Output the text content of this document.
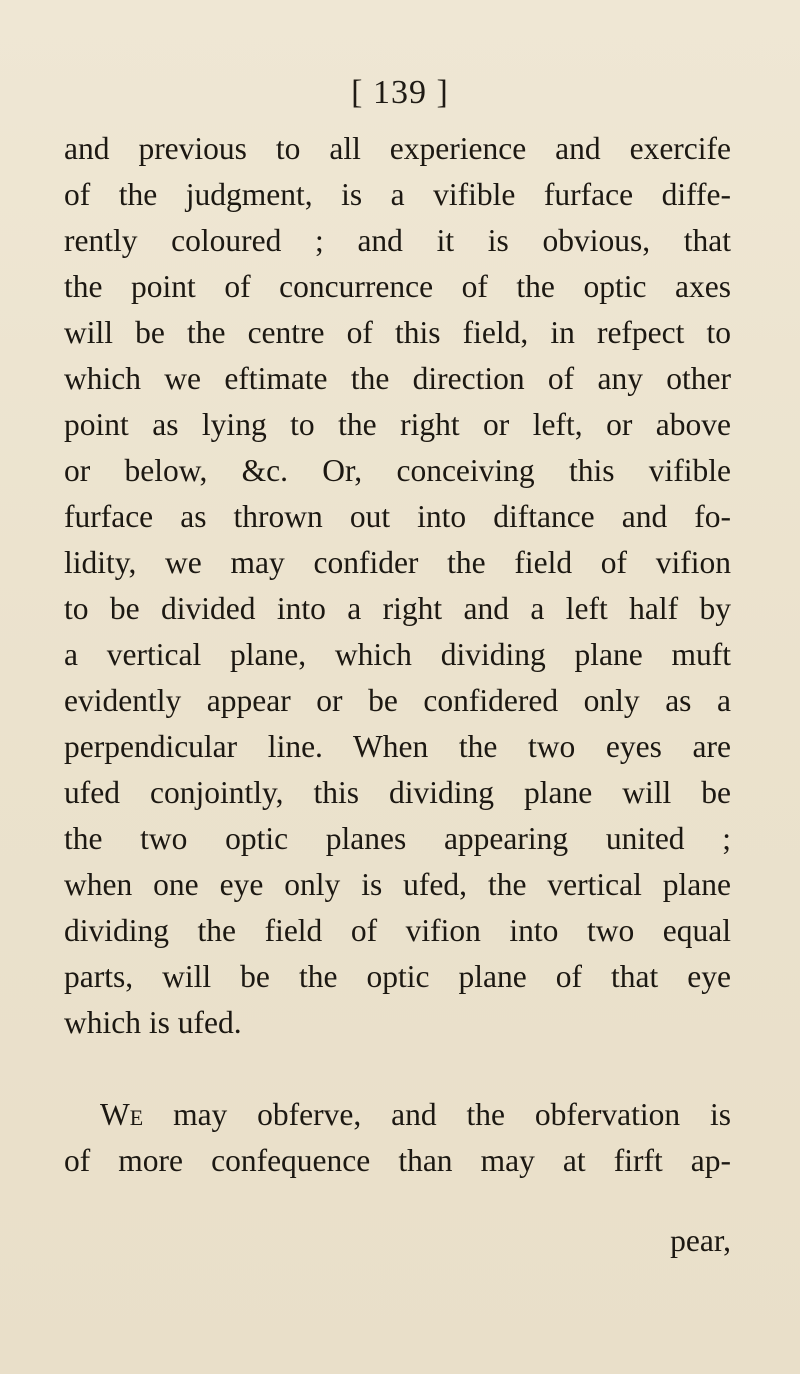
[ 139 ]
and previous to all experience and exercife
of the judgment, is a vifible furface diffe-
rently coloured ; and it is obvious, that
the point of concurrence of the optic axes
will be the centre of this field, in refpect to
which we eftimate the direction of any other
point as lying to the right or left, or above
or below, &c. Or, conceiving this vifible
furface as thrown out into diftance and fo-
lidity, we may confider the field of vifion
to be divided into a right and a left half by
a vertical plane, which dividing plane muft
evidently appear or be confidered only as a
perpendicular line. When the two eyes are
ufed conjointly, this dividing plane will be
the two optic planes appearing united ;
when one eye only is ufed, the vertical plane
dividing the field of vifion into two equal
parts, will be the optic plane of that eye
which is ufed.
We may obferve, and the obfervation is
of more confequence than may at firft ap-
pear,
